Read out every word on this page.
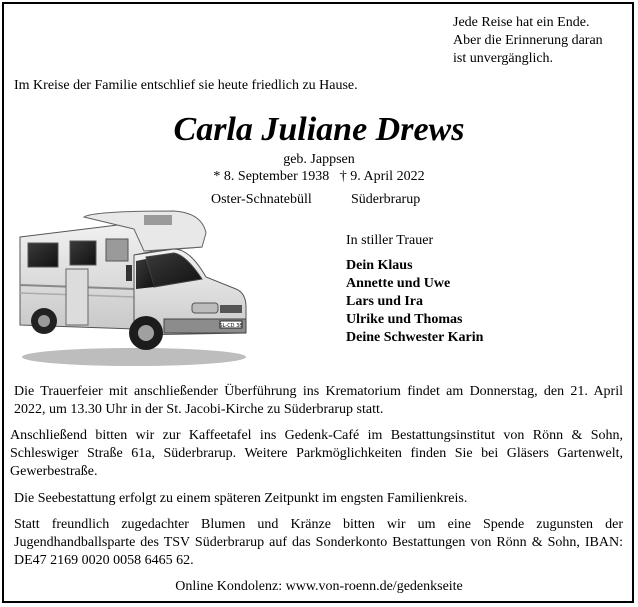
Jede Reise hat ein Ende.
Aber die Erinnerung daran
ist unvergänglich.
Im Kreise der Familie entschlief sie heute friedlich zu Hause.
Carla Juliane Drews
geb. Jappsen
* 8. September 1938   † 9. April 2022
Oster-Schnatebüll	Süderbrarup
SL-CD 38
In stiller Trauer
Dein Klaus
Annette und Uwe
Lars und Ira
Ulrike und Thomas
Deine Schwester Karin
Die Trauerfeier mit anschließender Überführung ins Krematorium findet am Donnerstag, den 21. April 2022, um 13.30 Uhr in der St. Jacobi-Kirche zu Süderbrarup statt.
Anschließend bitten wir zur Kaffeetafel ins Gedenk-Café im Bestattungsinstitut von Rönn & Sohn, Schleswiger Straße 61a, Süderbrarup. Weitere Parkmöglichkeiten finden Sie bei Gläsers Gartenwelt, Gewerbestraße.
Die Seebestattung erfolgt zu einem späteren Zeitpunkt im engsten Familienkreis.
Statt freundlich zugedachter Blumen und Kränze bitten wir um eine Spende zugunsten der Jugendhandballsparte des TSV Süderbrarup auf das Sonderkonto Bestattungen von Rönn & Sohn, IBAN: DE47 2169 0020 0058 6465 62.
Online Kondolenz: www.von-roenn.de/gedenkseite
